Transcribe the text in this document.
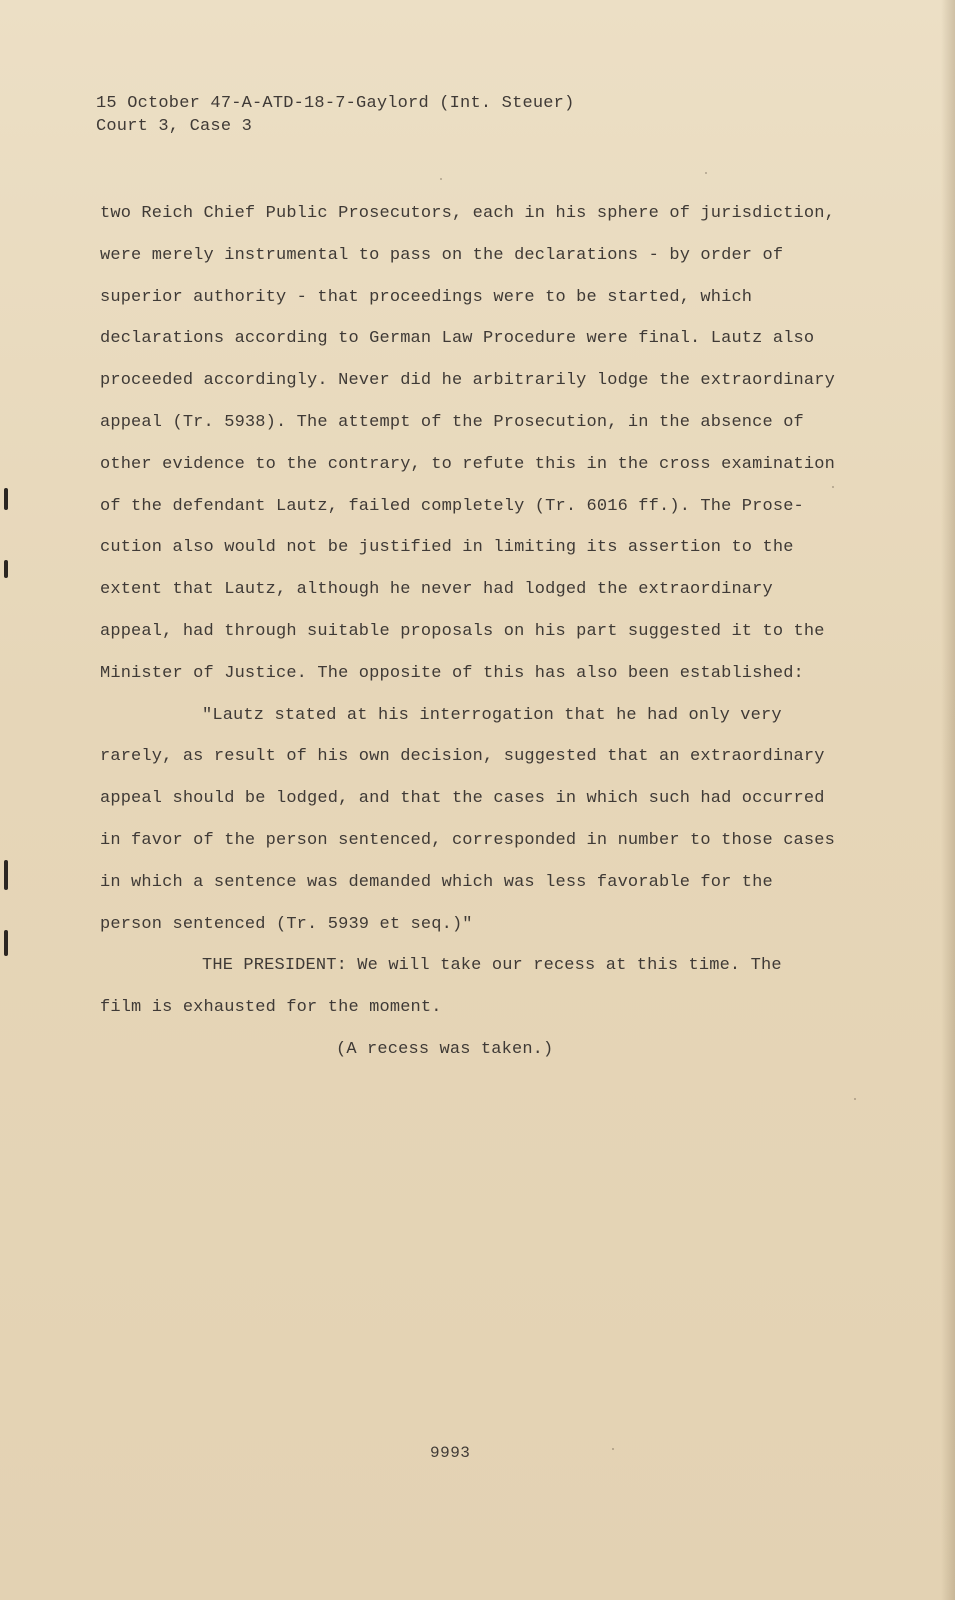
15 October 47-A-ATD-18-7-Gaylord (Int. Steuer)
Court 3, Case 3
two Reich Chief Public Prosecutors, each in his sphere of jurisdiction,
were merely instrumental to pass on the declarations - by order of
superior authority - that proceedings were to be started, which
declarations according to German Law Procedure were final. Lautz also
proceeded accordingly. Never did he arbitrarily lodge the extraordinary
appeal (Tr. 5938). The attempt of the Prosecution, in the absence of
other evidence to the contrary, to refute this in the cross examination
of the defendant Lautz, failed completely (Tr. 6016 ff.). The Prose-
cution also would not be justified in limiting its assertion to the
extent that Lautz, although he never had lodged the extraordinary
appeal, had through suitable proposals on his part suggested it to the
Minister of Justice. The opposite of this has also been established:
"Lautz stated at his interrogation that he had only very
rarely, as result of his own decision, suggested that an extraordinary
appeal should be lodged, and that the cases in which such had occurred
in favor of the person sentenced, corresponded in number to those cases
in which a sentence was demanded which was less favorable for the
person sentenced (Tr. 5939 et seq.)"
THE PRESIDENT: We will take our recess at this time. The
film is exhausted for the moment.
(A recess was taken.)
9993
